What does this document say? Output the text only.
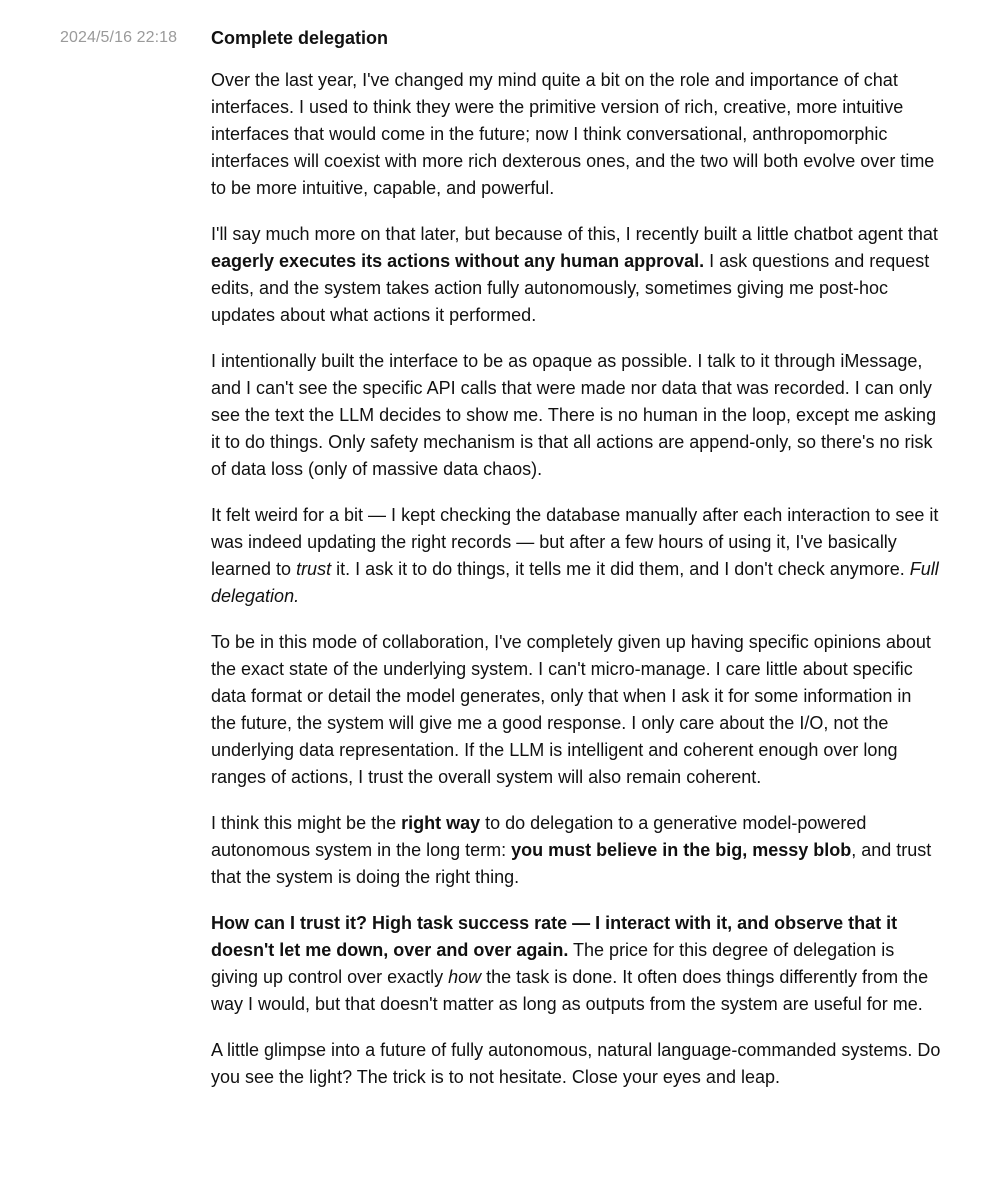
2024/5/16 22:18 Complete delegation

Over the last year, I've changed my mind quite a bit on the role and importance of chat interfaces. I used to think they were the primitive version of rich, creative, more intuitive interfaces that would come in the future; now I think conversational, anthropomorphic interfaces will coexist with more rich dexterous ones, and the two will both evolve over time to be more intuitive, capable, and powerful.

I'll say much more on that later, but because of this, I recently built a little chatbot agent that eagerly executes its actions without any human approval. I ask questions and request edits, and the system takes action fully autonomously, sometimes giving me post-hoc updates about what actions it performed.

I intentionally built the interface to be as opaque as possible. I talk to it through iMessage, and I can't see the specific API calls that were made nor data that was recorded. I can only see the text the LLM decides to show me. There is no human in the loop, except me asking it to do things. Only safety mechanism is that all actions are append-only, so there's no risk of data loss (only of massive data chaos).

It felt weird for a bit — I kept checking the database manually after each interaction to see it was indeed updating the right records — but after a few hours of using it, I've basically learned to trust it. I ask it to do things, it tells me it did them, and I don't check anymore. Full delegation.

To be in this mode of collaboration, I've completely given up having specific opinions about the exact state of the underlying system. I can't micro-manage. I care little about specific data format or detail the model generates, only that when I ask it for some information in the future, the system will give me a good response. I only care about the I/O, not the underlying data representation. If the LLM is intelligent and coherent enough over long ranges of actions, I trust the overall system will also remain coherent.

I think this might be the right way to do delegation to a generative model-powered autonomous system in the long term: you must believe in the big, messy blob, and trust that the system is doing the right thing.

How can I trust it? High task success rate — I interact with it, and observe that it doesn't let me down, over and over again. The price for this degree of delegation is giving up control over exactly how the task is done. It often does things differently from the way I would, but that doesn't matter as long as outputs from the system are useful for me.

A little glimpse into a future of fully autonomous, natural language-commanded systems. Do you see the light? The trick is to not hesitate. Close your eyes and leap.
